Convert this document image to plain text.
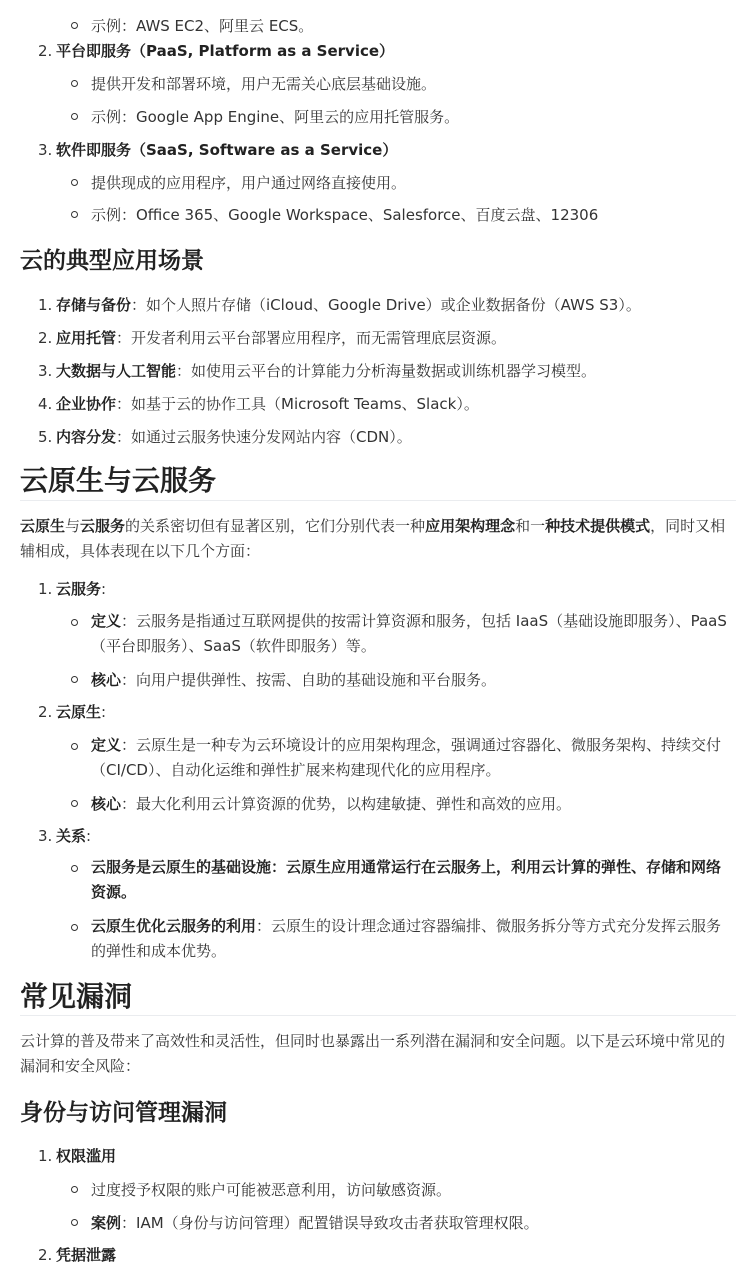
示例：AWS EC2、阿里云 ECS。
2. 平台即服务（PaaS, Platform as a Service）
提供开发和部署环境，用户无需关心底层基础设施。
示例：Google App Engine、阿里云的应用托管服务。
3. 软件即服务（SaaS, Software as a Service）
提供现成的应用程序，用户通过网络直接使用。
示例：Office 365、Google Workspace、Salesforce、百度云盘、12306
云的典型应用场景
1. 存储与备份：如个人照片存储（iCloud、Google Drive）或企业数据备份（AWS S3）。
2. 应用托管：开发者利用云平台部署应用程序，而无需管理底层资源。
3. 大数据与人工智能：如使用云平台的计算能力分析海量数据或训练机器学习模型。
4. 企业协作：如基于云的协作工具（Microsoft Teams、Slack）。
5. 内容分发：如通过云服务快速分发网站内容（CDN）。
云原生与云服务
云原生与云服务的关系密切但有显著区别，它们分别代表一种应用架构理念和一种技术提供模式，同时又相辅相成，具体表现在以下几个方面：
1. 云服务:
定义：云服务是指通过互联网提供的按需计算资源和服务，包括 IaaS（基础设施即服务）、PaaS（平台即服务）、SaaS（软件即服务）等。
核心：向用户提供弹性、按需、自助的基础设施和平台服务。
2. 云原生:
定义：云原生是一种专为云环境设计的应用架构理念，强调通过容器化、微服务架构、持续交付（CI/CD）、自动化运维和弹性扩展来构建现代化的应用程序。
核心：最大化利用云计算资源的优势，以构建敏捷、弹性和高效的应用。
3. 关系:
云服务是云原生的基础设施：云原生应用通常运行在云服务上，利用云计算的弹性、存储和网络资源。
云原生优化云服务的利用：云原生的设计理念通过容器编排、微服务拆分等方式充分发挥云服务的弹性和成本优势。
常见漏洞
云计算的普及带来了高效性和灵活性，但同时也暴露出一系列潜在漏洞和安全问题。以下是云环境中常见的漏洞和安全风险：
身份与访问管理漏洞
1. 权限滥用
过度授予权限的账户可能被恶意利用，访问敏感资源。
案例：IAM（身份与访问管理）配置错误导致攻击者获取管理权限。
2. 凭据泄露
